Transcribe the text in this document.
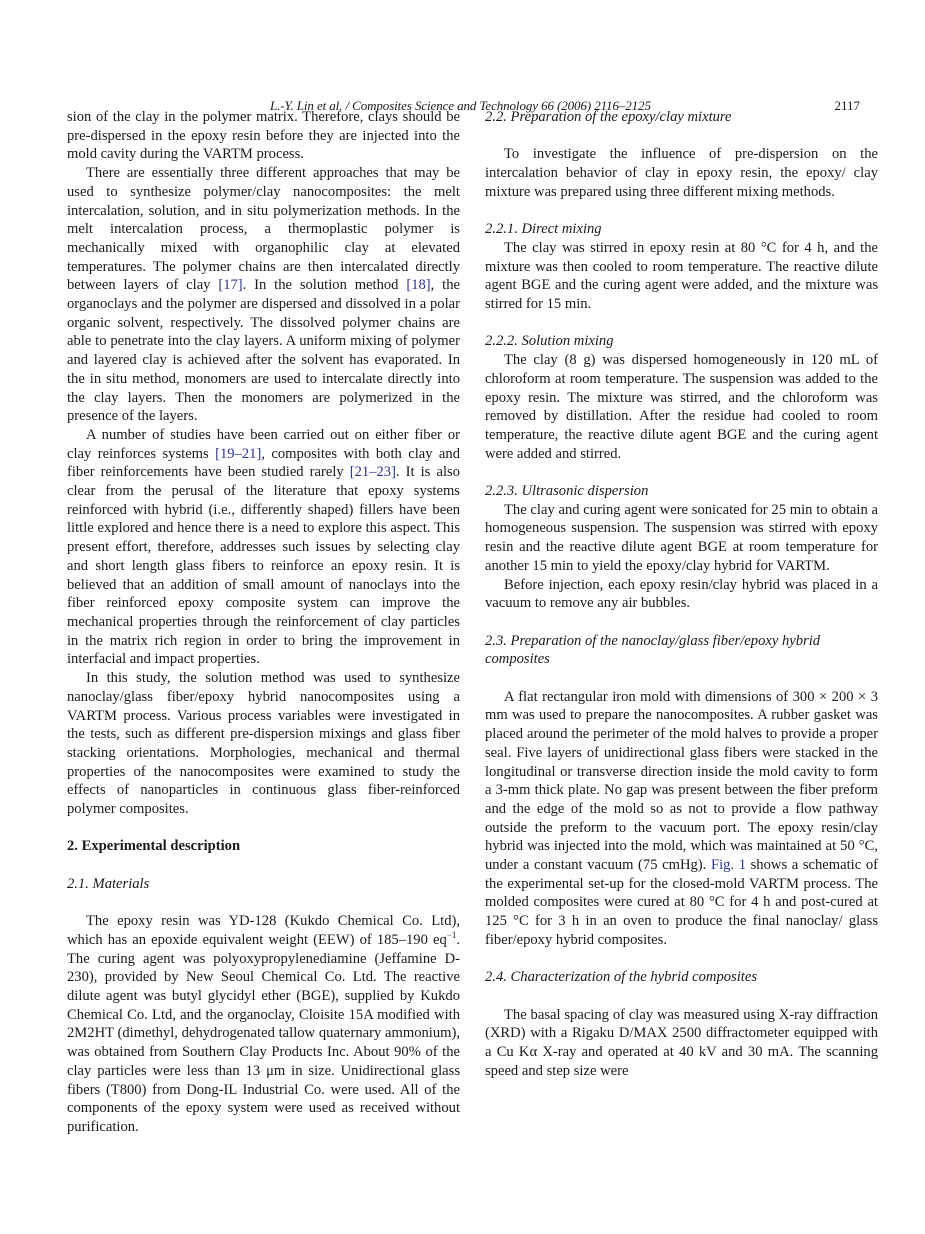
L.-Y. Lin et al. / Composites Science and Technology 66 (2006) 2116–2125	2117

sion of the clay in the polymer matrix. Therefore, clays should be pre-dispersed in the epoxy resin before they are injected into the mold cavity during the VARTM process.

There are essentially three different approaches that may be used to synthesize polymer/clay nanocomposites: the melt intercalation, solution, and in situ polymerization methods. In the melt intercalation process, a thermoplastic polymer is mechanically mixed with organophilic clay at elevated temperatures. The polymer chains are then intercalated directly between layers of clay [17]. In the solution method [18], the organoclays and the polymer are dispersed and dissolved in a polar organic solvent, respectively. The dissolved polymer chains are able to penetrate into the clay layers. A uniform mixing of polymer and layered clay is achieved after the solvent has evaporated. In the in situ method, monomers are used to intercalate directly into the clay layers. Then the monomers are polymerized in the presence of the layers.

A number of studies have been carried out on either fiber or clay reinforces systems [19–21], composites with both clay and fiber reinforcements have been studied rarely [21–23]. It is also clear from the perusal of the literature that epoxy systems reinforced with hybrid (i.e., differently shaped) fillers have been little explored and hence there is a need to explore this aspect. This present effort, therefore, addresses such issues by selecting clay and short length glass fibers to reinforce an epoxy resin. It is believed that an addition of small amount of nanoclays into the fiber reinforced epoxy composite system can improve the mechanical properties through the reinforcement of clay particles in the matrix rich region in order to bring the improvement in interfacial and impact properties.

In this study, the solution method was used to synthesize nanoclay/glass fiber/epoxy hybrid nanocomposites using a VARTM process. Various process variables were investigated in the tests, such as different pre-dispersion mixings and glass fiber stacking orientations. Morphologies, mechanical and thermal properties of the nanocomposites were examined to study the effects of nanoparticles in continuous glass fiber-reinforced polymer composites.

2. Experimental description
2.1. Materials

The epoxy resin was YD-128 (Kukdo Chemical Co. Ltd), which has an epoxide equivalent weight (EEW) of 185–190 $eq^{-1}$. The curing agent was polyoxypropylenediamine (Jeffamine D-230), provided by New Seoul Chemical Co. Ltd. The reactive dilute agent was butyl glycidyl ether (BGE), supplied by Kukdo Chemical Co. Ltd, and the organoclay, Cloisite 15A modified with 2M2HT (dimethyl, dehydrogenated tallow quaternary ammonium), was obtained from Southern Clay Products Inc. About 90% of the clay particles were less than 13 μm in size. Unidirectional glass fibers (T800) from Dong-IL Industrial Co. were used. All of the components of the epoxy system were used as received without purification.

2.2. Preparation of the epoxy/clay mixture

To investigate the influence of pre-dispersion on the intercalation behavior of clay in epoxy resin, the epoxy/ clay mixture was prepared using three different mixing methods.

2.2.1. Direct mixing

The clay was stirred in epoxy resin at 80 °C for 4 h, and the mixture was then cooled to room temperature. The reactive dilute agent BGE and the curing agent were added, and the mixture was stirred for 15 min.

2.2.2. Solution mixing

The clay (8 g) was dispersed homogeneously in 120 mL of chloroform at room temperature. The suspension was added to the epoxy resin. The mixture was stirred, and the chloroform was removed by distillation. After the residue had cooled to room temperature, the reactive dilute agent BGE and the curing agent were added and stirred.

2.2.3. Ultrasonic dispersion

The clay and curing agent were sonicated for 25 min to obtain a homogeneous suspension. The suspension was stirred with epoxy resin and the reactive dilute agent BGE at room temperature for another 15 min to yield the epoxy/clay hybrid for VARTM.

Before injection, each epoxy resin/clay hybrid was placed in a vacuum to remove any air bubbles.

2.3. Preparation of the nanoclay/glass fiber/epoxy hybrid composites

A flat rectangular iron mold with dimensions of 300 × 200 × 3 mm was used to prepare the nanocomposites. A rubber gasket was placed around the perimeter of the mold halves to provide a proper seal. Five layers of unidirectional glass fibers were stacked in the longitudinal or transverse direction inside the mold cavity to form a 3-mm thick plate. No gap was present between the fiber preform and the edge of the mold so as not to provide a flow pathway outside the preform to the vacuum port. The epoxy resin/clay hybrid was injected into the mold, which was maintained at 50 °C, under a constant vacuum (75 cmHg). Fig. 1 shows a schematic of the experimental set-up for the closed-mold VARTM process. The molded composites were cured at 80 °C for 4 h and post-cured at 125 °C for 3 h in an oven to produce the final nanoclay/ glass fiber/epoxy hybrid composites.

2.4. Characterization of the hybrid composites

The basal spacing of clay was measured using X-ray diffraction (XRD) with a Rigaku D/MAX 2500 diffractometer equipped with a Cu Kα X-ray and operated at 40 kV and 30 mA. The scanning speed and step size were
